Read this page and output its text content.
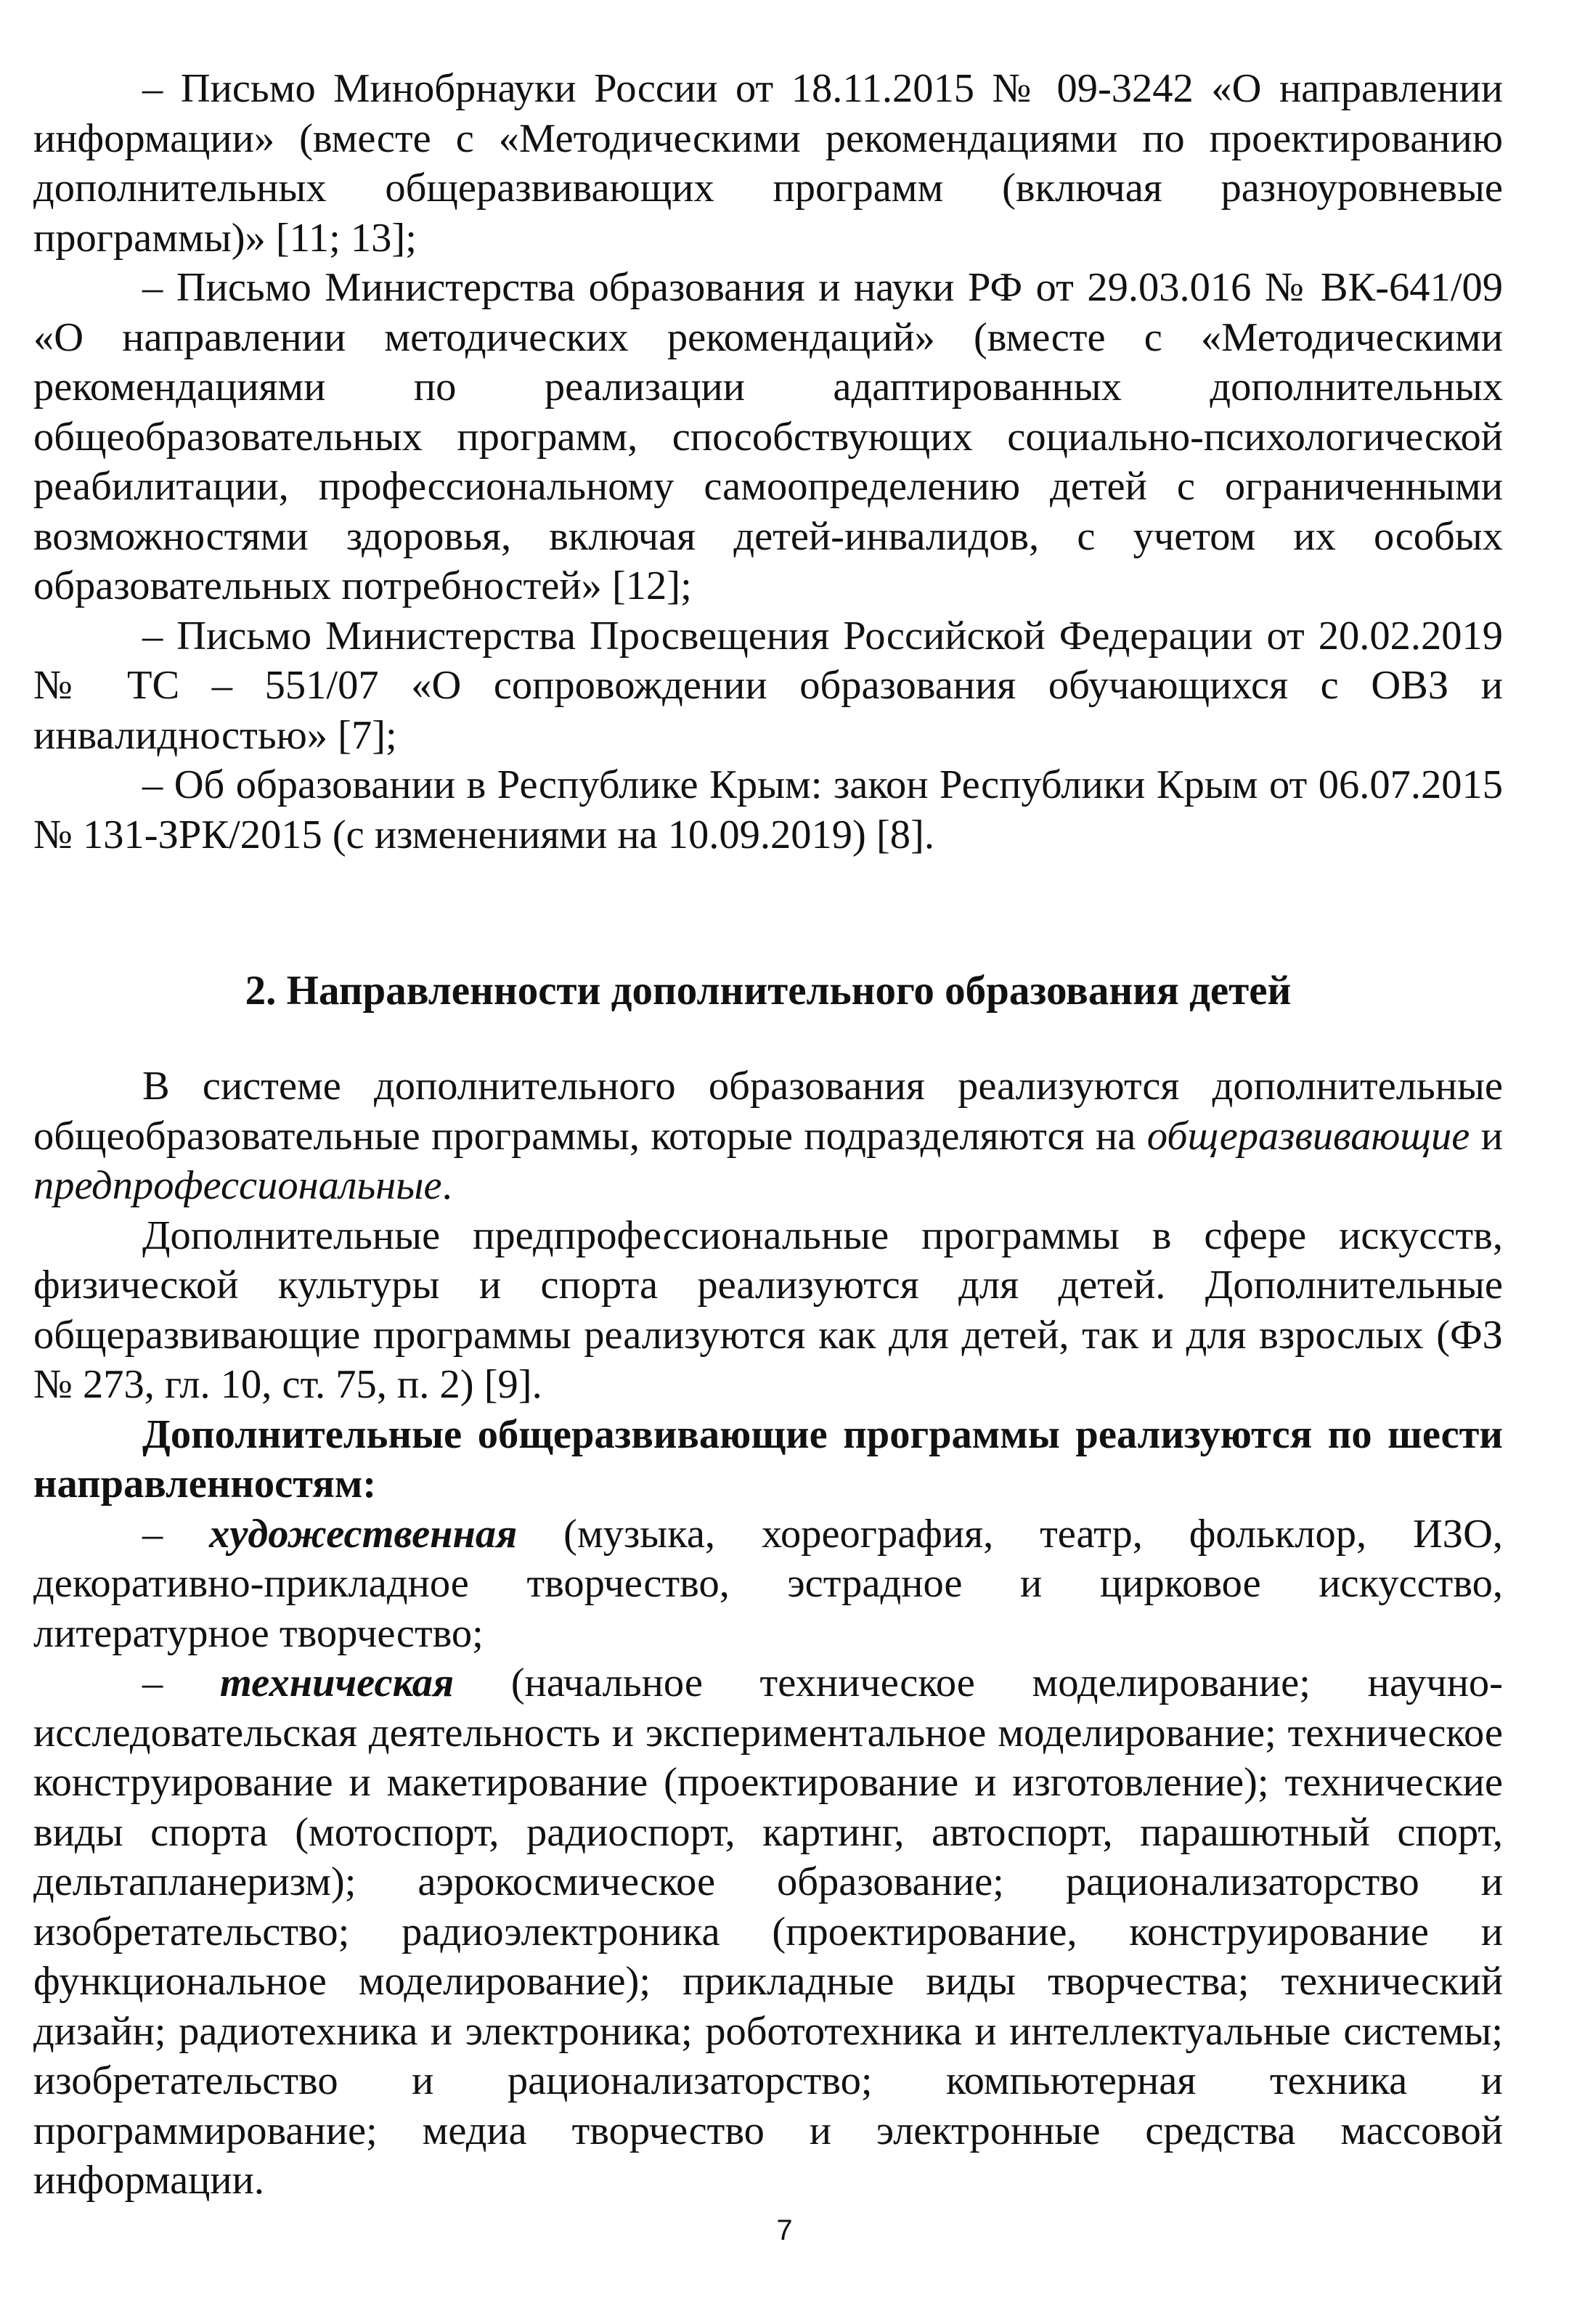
– Письмо Минобрнауки России от 18.11.2015 № 09-3242 «О направлении информации» (вместе с «Методическими рекомендациями по проектированию дополнительных общеразвивающих программ (включая разноуровневые программы)» [11; 13];

– Письмо Министерства образования и науки РФ от 29.03.016 № ВК-641/09 «О направлении методических рекомендаций» (вместе с «Методическими рекомендациями по реализации адаптированных дополнительных общеобразовательных программ, способствующих социально-психологической реабилитации, профессиональному самоопределению детей с ограниченными возможностями здоровья, включая детей-инвалидов, с учетом их особых образовательных потребностей» [12];

– Письмо Министерства Просвещения Российской Федерации от 20.02.2019 № ТС – 551/07 «О сопровождении образования обучающихся с ОВЗ и инвалидностью» [7];

– Об образовании в Республике Крым: закон Республики Крым от 06.07.2015 № 131-ЗРК/2015 (с изменениями на 10.09.2019) [8].

2. Направленности дополнительного образования детей

В системе дополнительного образования реализуются дополнительные общеобразовательные программы, которые подразделяются на общеразвивающие и предпрофессиональные.

Дополнительные предпрофессиональные программы в сфере искусств, физической культуры и спорта реализуются для детей. Дополнительные общеразвивающие программы реализуются как для детей, так и для взрослых (ФЗ № 273, гл. 10, ст. 75, п. 2) [9].

Дополнительные общеразвивающие программы реализуются по шести направленностям:

– художественная (музыка, хореография, театр, фольклор, ИЗО, декоративно-прикладное творчество, эстрадное и цирковое искусство, литературное творчество;

– техническая (начальное техническое моделирование; научно-исследовательская деятельность и экспериментальное моделирование; техническое конструирование и макетирование (проектирование и изготовление); технические виды спорта (мотоспорт, радиоспорт, картинг, автоспорт, парашютный спорт, дельтапланеризм); аэрокосмическое образование; рационализаторство и изобретательство; радиоэлектроника (проектирование, конструирование и функциональное моделирование); прикладные виды творчества; технический дизайн; радиотехника и электроника; робототехника и интеллектуальные системы; изобретательство и рационализаторство; компьютерная техника и программирование; медиа творчество и электронные средства массовой информации.

7
